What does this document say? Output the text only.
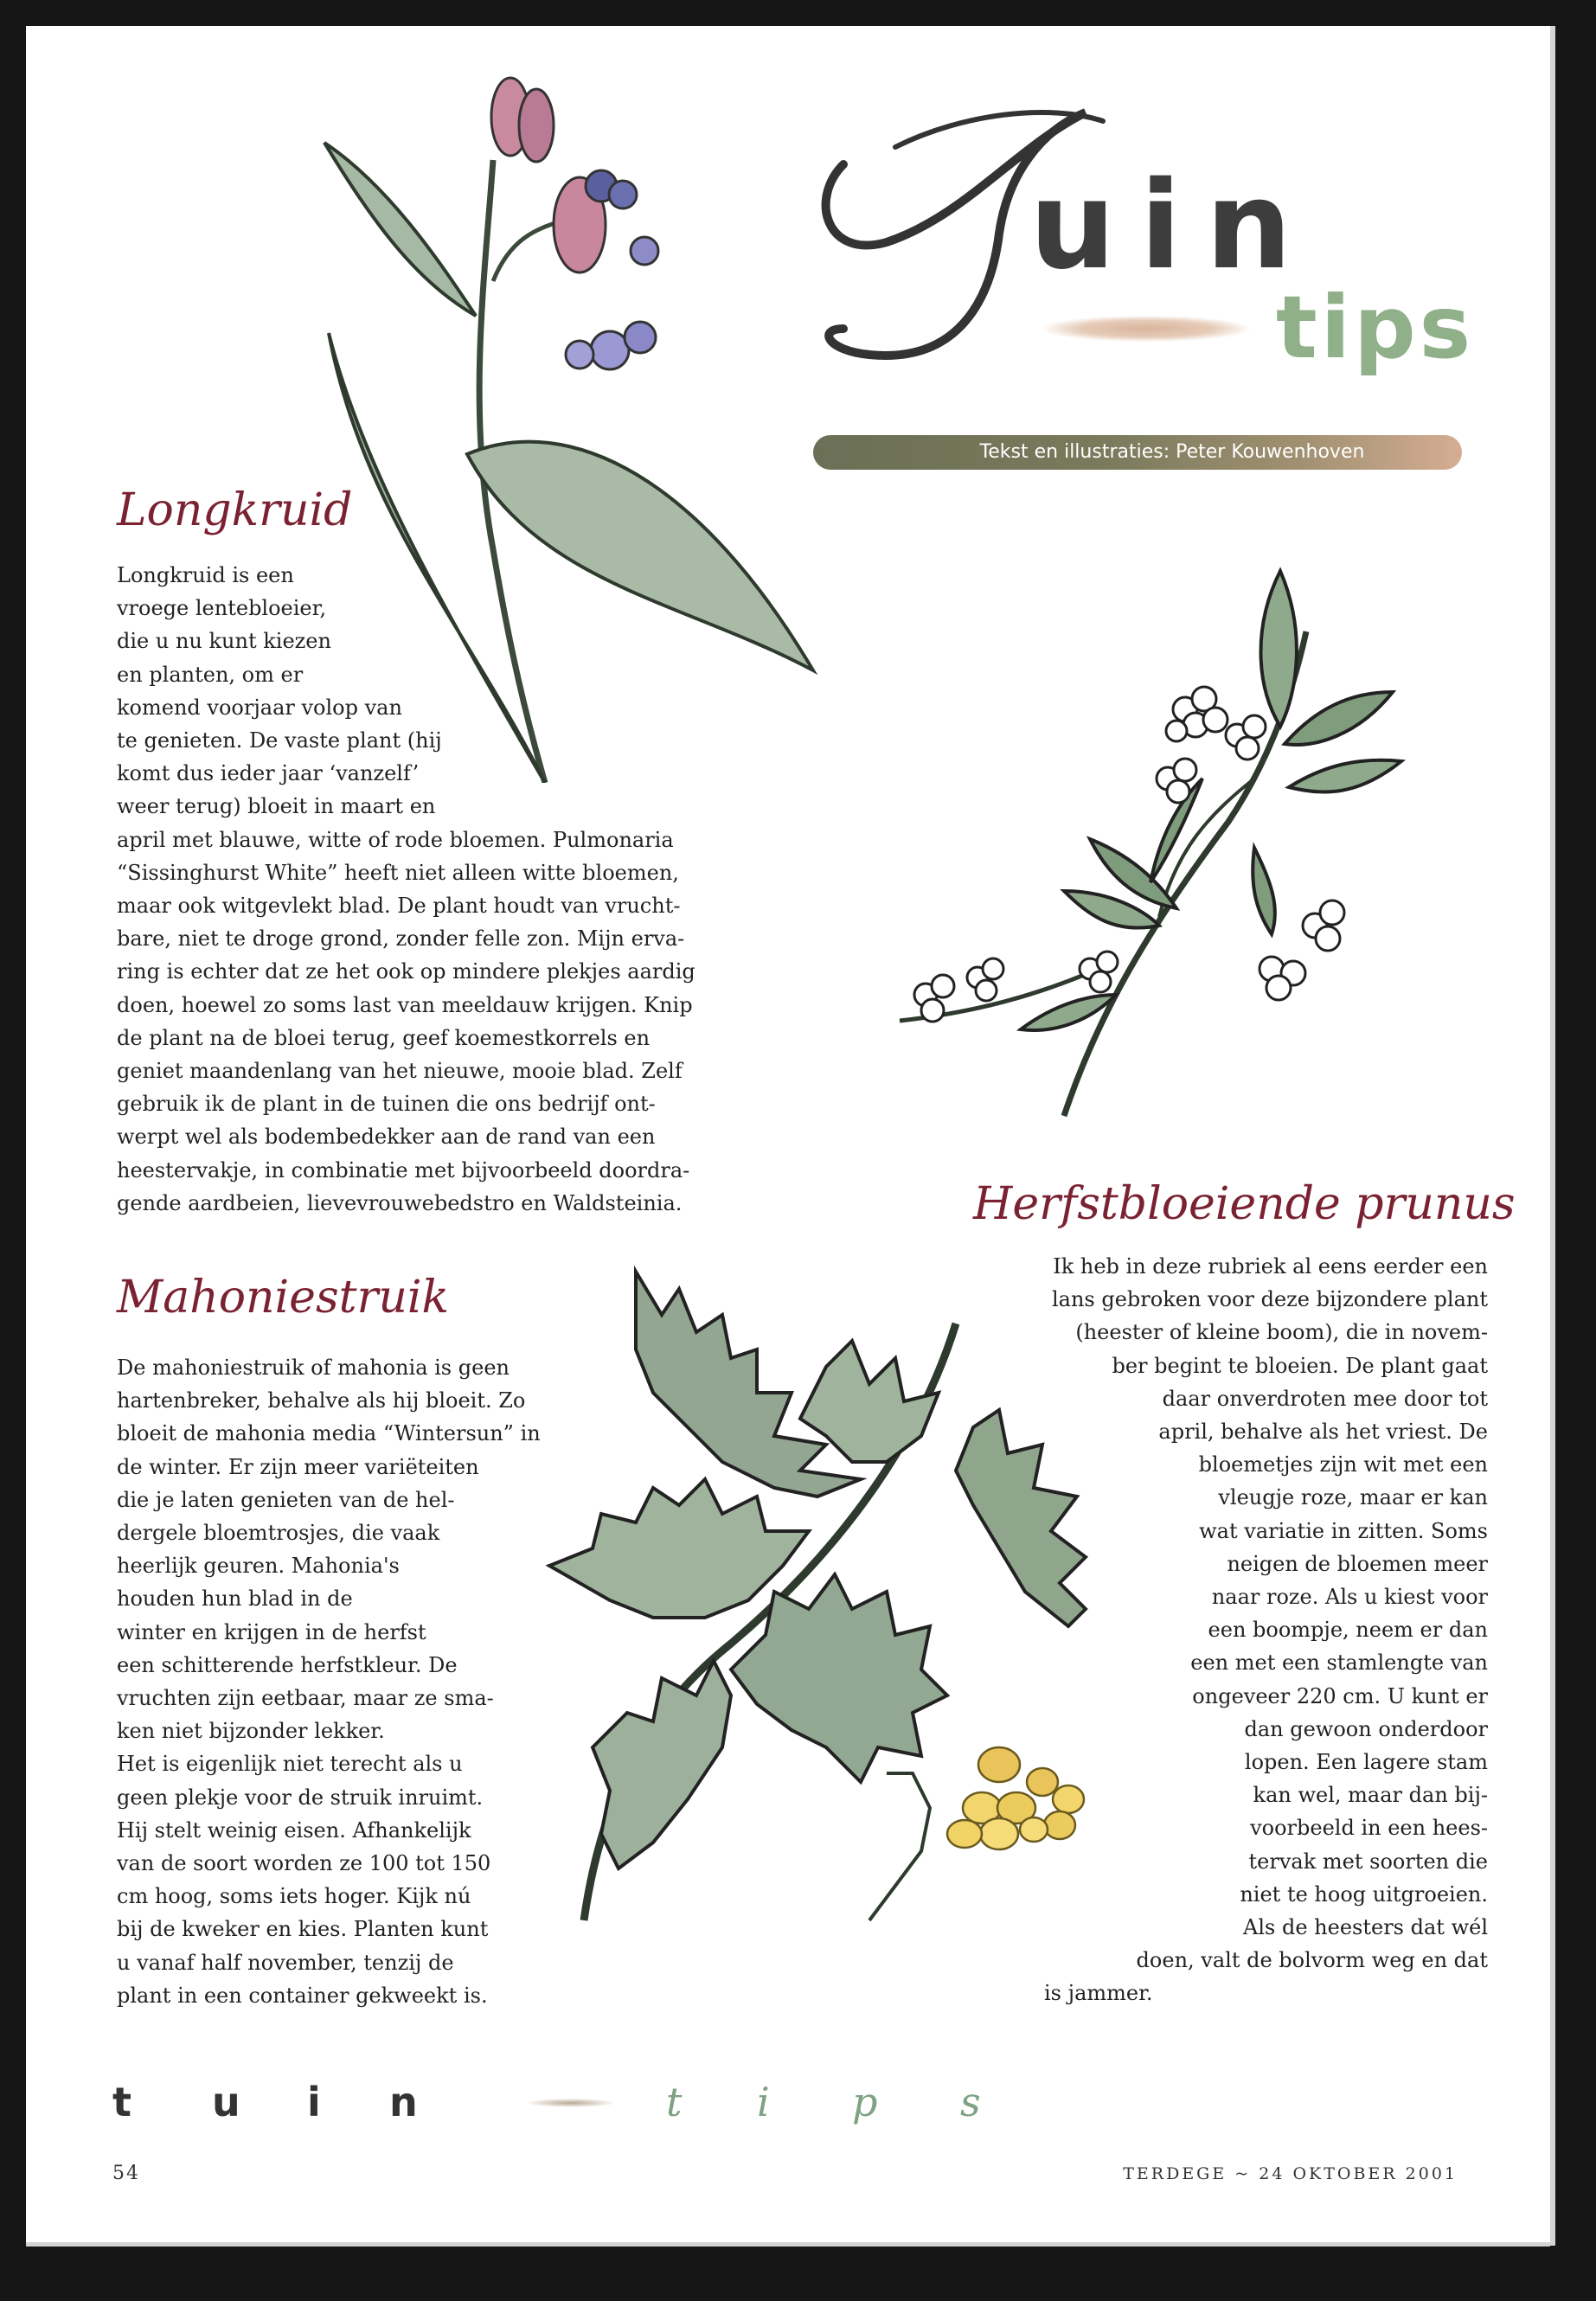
uin
tips
Tekst en illustraties: Peter Kouwenhoven
Longkruid
Longkruid is een
vroege lentebloeier,
die u nu kunt kiezen
en planten, om er
komend voorjaar volop van
te genieten. De vaste plant (hij
komt dus ieder jaar ‘vanzelf’
weer terug) bloeit in maart en
april met blauwe, witte of rode bloemen. Pulmonaria
“Sissinghurst White” heeft niet alleen witte bloemen,
maar ook witgevlekt blad. De plant houdt van vrucht-
bare, niet te droge grond, zonder felle zon. Mijn erva-
ring is echter dat ze het ook op mindere plekjes aardig
doen, hoewel zo soms last van meeldauw krijgen. Knip
de plant na de bloei terug, geef koemestkorrels en
geniet maandenlang van het nieuwe, mooie blad. Zelf
gebruik ik de plant in de tuinen die ons bedrijf ont-
werpt wel als bodembedekker aan de rand van een
heestervakje, in combinatie met bijvoorbeeld doordra-
gende aardbeien, lievevrouwebedstro en Waldsteinia.	Herfstbloeiende prunus
Ik heb in deze rubriek al eens eerder een
lans gebroken voor deze bijzondere plant
(heester of kleine boom), die in novem-
ber begint te bloeien. De plant gaat
daar onverdroten mee door tot
april, behalve als het vriest. De
bloemetjes zijn wit met een
vleugje roze, maar er kan
wat variatie in zitten. Soms
neigen de bloemen meer
naar roze. Als u kiest voor
een boompje, neem er dan
een met een stamlengte van
ongeveer 220 cm. U kunt er
dan gewoon onderdoor
lopen. Een lagere stam
kan wel, maar dan bij-
voorbeeld in een hees-
tervak met soorten die
niet te hoog uitgroeien.
Als de heesters dat wél
doen, valt de bolvorm weg en dat
is jammer.
Mahoniestruik
De mahoniestruik of mahonia is geen
hartenbreker, behalve als hij bloeit. Zo
bloeit de mahonia media “Wintersun” in
de winter. Er zijn meer variëteiten
die je laten genieten van de hel-
dergele bloemtrosjes, die vaak
heerlijk geuren. Mahonia's
houden hun blad in de
winter en krijgen in de herfst
een schitterende herfstkleur. De
vruchten zijn eetbaar, maar ze sma-
ken niet bijzonder lekker.
Het is eigenlijk niet terecht als u
geen plekje voor de struik inruimt.
Hij stelt weinig eisen. Afhankelijk
van de soort worden ze 100 tot 150
cm hoog, soms iets hoger. Kijk nú
bij de kweker en kies. Planten kunt
u vanaf half november, tenzij de
plant in een container gekweekt is.
t u i n	t i p s
54	TERDEGE ~ 24 OKTOBER 2001
